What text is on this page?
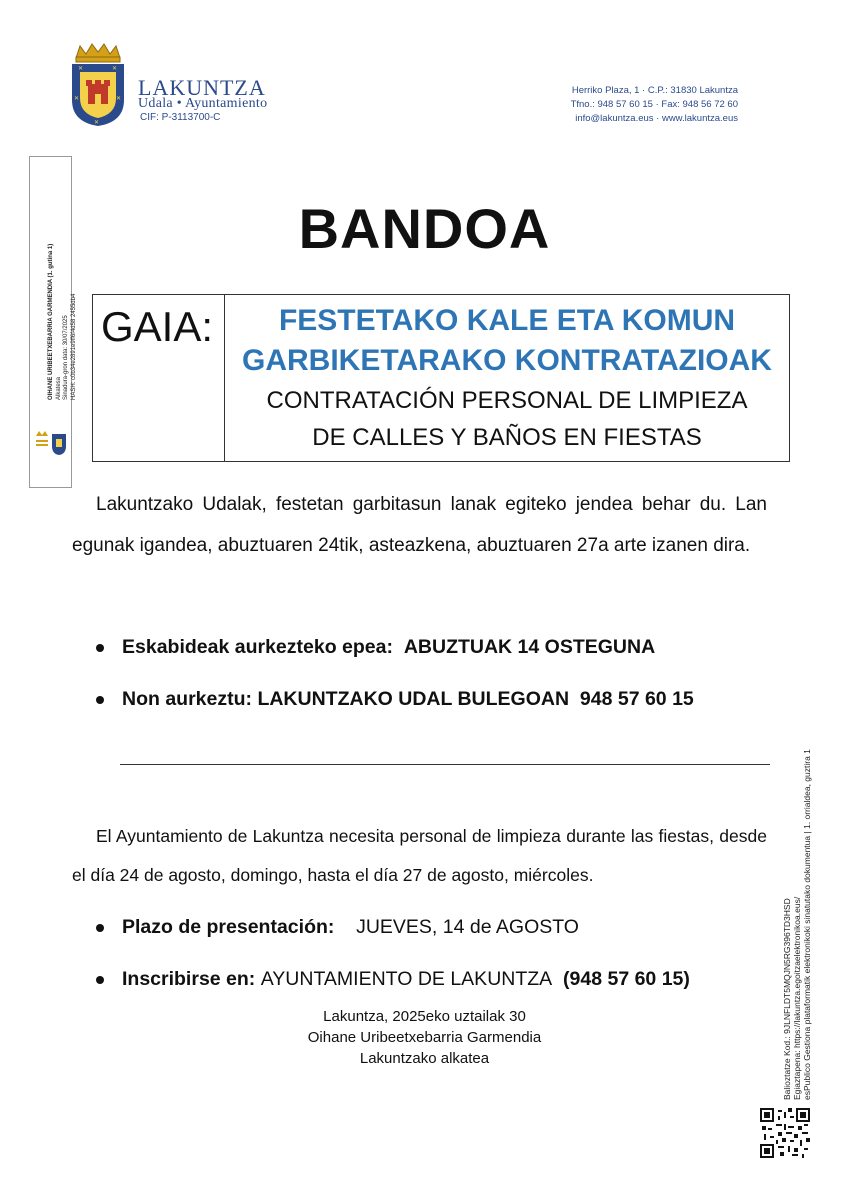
✕	✕
✕	✕
✕
LAKUNTZA
Udala • Ayuntamiento
CIF: P-3113700-C
Herriko Plaza, 1 · C.P.: 31830 Lakuntza
Tfno.: 948 57 60 15 · Fax: 948 56 72 60
info@lakuntza.eus · www.lakuntza.eus
OIHANE URIBEETXEBARRIA GARMENDIA (1. gutina 1) Alkatesa Sinadura-gron data: 30/07/2025 HASH: c0b34e2891e9ff6f4d58 2455db4
Balioztatze Kod.: 9JLNFLDT5MQJN5RG396TD3HSD Egiaztapena: https://lakuntza.egoitzaelektronikoa.eus/ esPublico Gestiona plataformatik elektronikoki sinatutako dokumentua | 1. orrialdea, guztira 1
BANDOA
GAIA:	FESTETAKO KALE ETA KOMUN
GARBIKETARAKO KONTRATAZIOAK
CONTRATACIÓN PERSONAL DE LIMPIEZA
DE CALLES Y BAÑOS EN FIESTAS
Lakuntzako Udalak, festetan garbitasun lanak egiteko jendea behar du. Lan egunak igandea, abuztuaren 24tik, asteazkena, abuztuaren 27a arte izanen dira.
Eskabideak aurkezteko epea: ABUZTUAK 14 OSTEGUNA
Non aurkeztu: LAKUNTZAKO UDAL BULEGOAN 948 57 60 15
El Ayuntamiento de Lakuntza necesita personal de limpieza durante las fiestas, desde el día 24 de agosto, domingo, hasta el día 27 de agosto, miércoles.
Plazo de presentación: JUEVES, 14 de AGOSTO
Inscribirse en: AYUNTAMIENTO DE LAKUNTZA (948 57 60 15)
Lakuntza, 2025eko uztailak 30
Oihane Uribeetxebarria Garmendia
Lakuntzako alkatea
